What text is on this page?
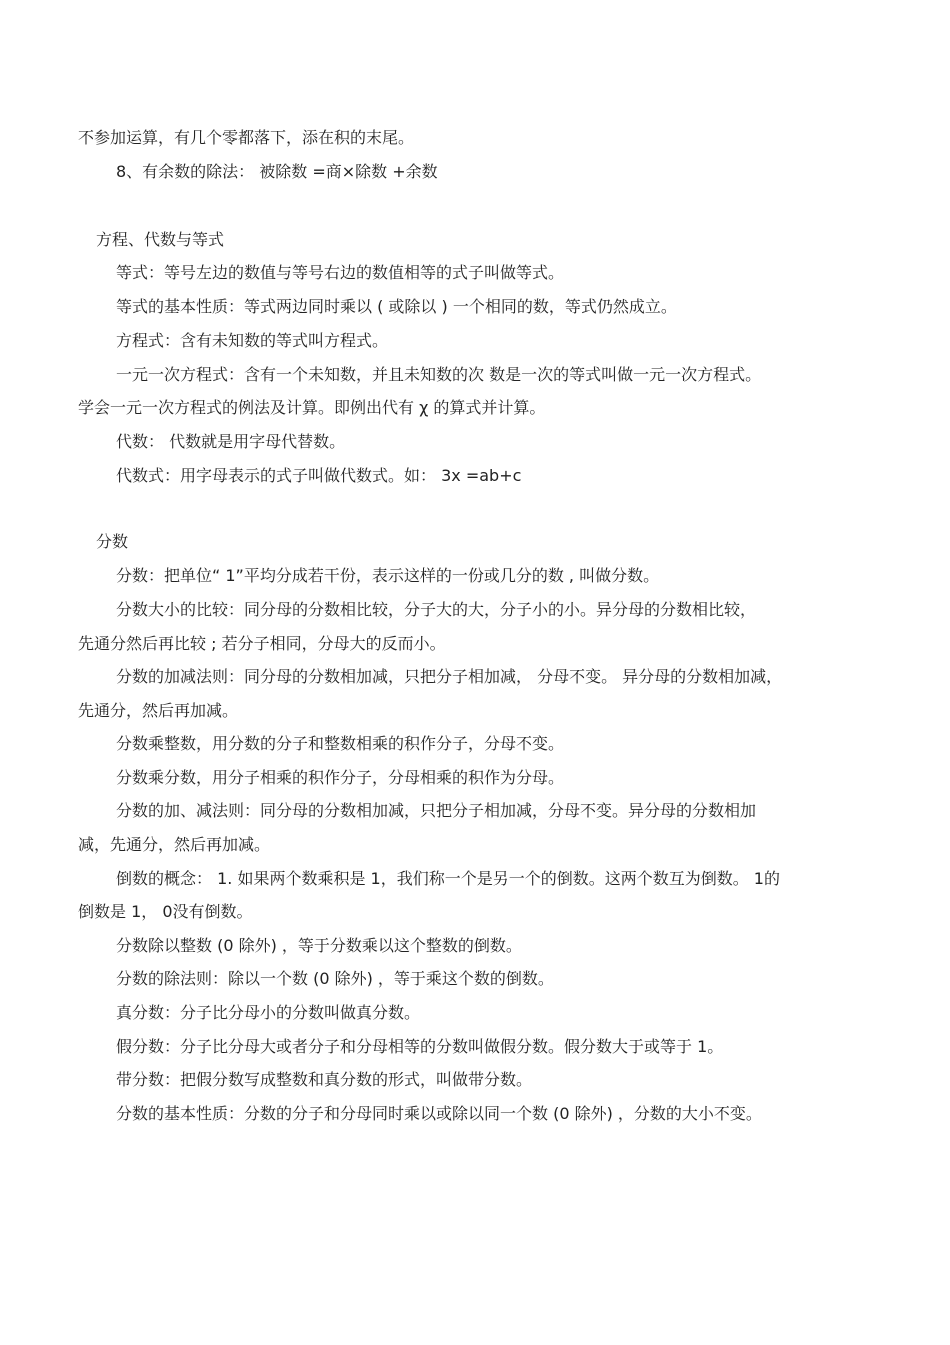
不参加运算，有几个零都落下，添在积的末尾。
8、有余数的除法： 被除数 =商×除数 +余数
方程、代数与等式
等式：等号左边的数值与等号右边的数值相等的式子叫做等式。
等式的基本性质：等式两边同时乘以 ( 或除以 ) 一个相同的数，等式仍然成立。
方程式：含有未知数的等式叫方程式。
一元一次方程式：含有一个未知数，并且未知数的次 数是一次的等式叫做一元一次方程式。
学会一元一次方程式的例法及计算。即例出代有 χ 的算式并计算。
代数： 代数就是用字母代替数。
代数式：用字母表示的式子叫做代数式。如： 3x =ab+c
分数
分数：把单位“ 1”平均分成若干份，表示这样的一份或几分的数 , 叫做分数。
分数大小的比较：同分母的分数相比较，分子大的大，分子小的小。异分母的分数相比较，
先通分然后再比较 ; 若分子相同，分母大的反而小。
分数的加减法则：同分母的分数相加减，只把分子相加减， 分母不变。 异分母的分数相加减，
先通分，然后再加减。
分数乘整数，用分数的分子和整数相乘的积作分子，分母不变。
分数乘分数，用分子相乘的积作分子，分母相乘的积作为分母。
分数的加、减法则：同分母的分数相加减，只把分子相加减，分母不变。异分母的分数相加
减，先通分，然后再加减。
倒数的概念： 1. 如果两个数乘积是 1，我们称一个是另一个的倒数。这两个数互为倒数。 1的
倒数是 1， 0没有倒数。
分数除以整数 (0 除外) ，等于分数乘以这个整数的倒数。
分数的除法则：除以一个数 (0 除外) ，等于乘这个数的倒数。
真分数：分子比分母小的分数叫做真分数。
假分数：分子比分母大或者分子和分母相等的分数叫做假分数。假分数大于或等于 1。
带分数：把假分数写成整数和真分数的形式，叫做带分数。
分数的基本性质：分数的分子和分母同时乘以或除以同一个数 (0 除外) ，分数的大小不变。
